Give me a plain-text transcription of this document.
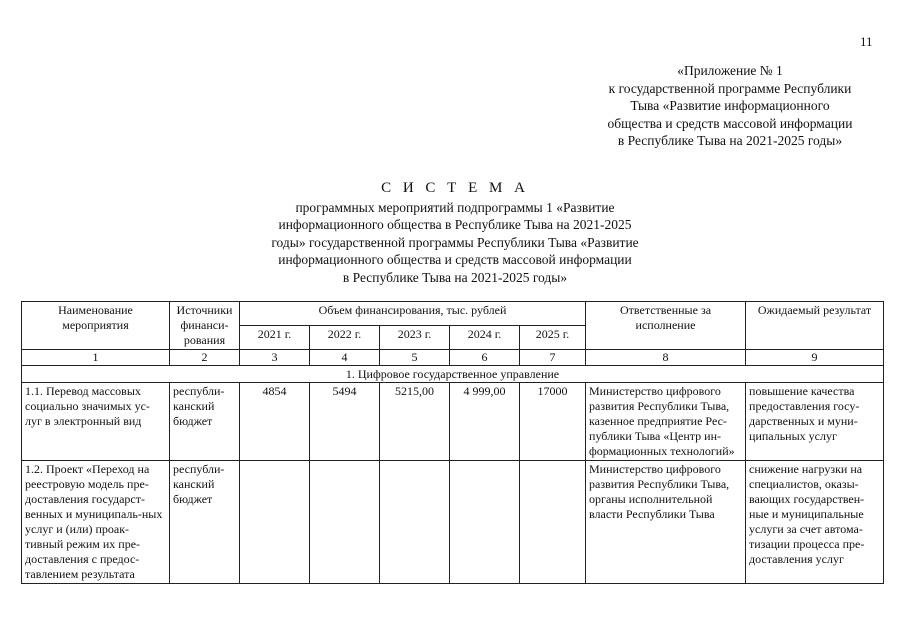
11
«Приложение № 1
к государственной программе Республики
Тыва «Развитие информационного
общества и средств массовой информации
в Республике Тыва на 2021-2025 годы»
С И С Т Е М А
программных мероприятий подпрограммы 1 «Развитие
информационного общества в Республике Тыва на 2021-2025
годы» государственной программы Республики Тыва «Развитие
информационного общества и средств массовой информации
в Республике Тыва на 2021-2025 годы»
Наименование мероприятия	Источники финанси-рования	Объем финансирования, тыс. рублей					Ответственные за исполнение	Ожидаемый результат
		2021 г.	2022 г.	2023 г.	2024 г.	2025 г.		
1	2	3	4	5	6	7	8	9
1. Цифровое государственное управление								
1.1. Перевод массовых социально значимых ус-луг в электронный вид	республи-канский бюджет	4854	5494	5215,00	4 999,00	17000	Министерство цифрового развития Республики Тыва, казенное предприятие Рес-публики Тыва «Центр ин-формационных технологий»	повышение качества предоставления госу-дарственных и муни-ципальных услуг
1.2. Проект «Переход на реестровую модель пре-доставления государст-венных и муниципаль-ных услуг и (или) проак-тивный режим их пре-доставления с предос-тавлением результата	республи-канский бюджет						Министерство цифрового развития Республики Тыва, органы исполнительной власти Республики Тыва	снижение нагрузки на специалистов, оказы-вающих государствен-ные и муниципальные услуги за счет автома-тизации процесса пре-доставления услуг
